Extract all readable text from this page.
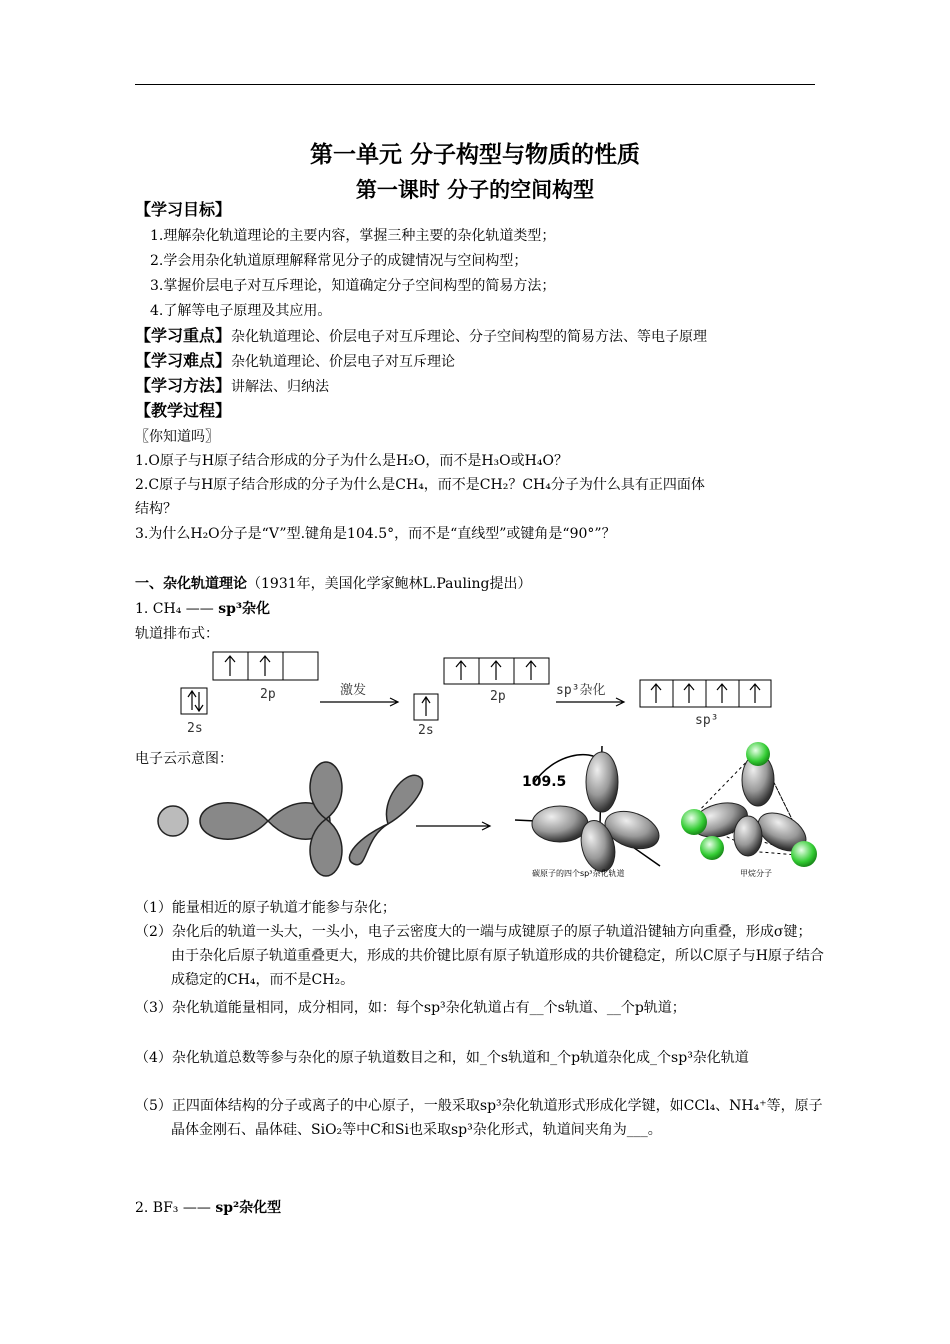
第一单元 分子构型与物质的性质
第一课时 分子的空间构型
【学习目标】
1.理解杂化轨道理论的主要内容，掌握三种主要的杂化轨道类型；
2.学会用杂化轨道原理解释常见分子的成键情况与空间构型；
3.掌握价层电子对互斥理论，知道确定分子空间构型的简易方法；
4.了解等电子原理及其应用。
【学习重点】杂化轨道理论、价层电子对互斥理论、分子空间构型的简易方法、等电子原理
【学习难点】杂化轨道理论、价层电子对互斥理论
【学习方法】讲解法、归纳法
【教学过程】
〖你知道吗〗
1.O原子与H原子结合形成的分子为什么是H₂O，而不是H₃O或H₄O？
2.C原子与H原子结合形成的分子为什么是CH₄，而不是CH₂？CH₄分子为什么具有正四面体
结构？
3.为什么H₂O分子是“V”型.键角是104.5°，而不是“直线型”或键角是“90°”？
一、杂化轨道理论（1931年，美国化学家鲍林L.Pauling提出）
1. CH₄ —— sp³杂化
轨道排布式：
2p
2s	2s
2p
sp³
激发	sp³杂化
电子云示意图：
109.5
碳原子的四个sp³杂化轨道	甲烷分子
（1）能量相近的原子轨道才能参与杂化；
（2）杂化后的轨道一头大，一头小，电子云密度大的一端与成键原子的原子轨道沿键轴方向重叠，形成σ键；由于杂化后原子轨道重叠更大，形成的共价键比原有原子轨道形成的共价键稳定，所以C原子与H原子结合成稳定的CH₄，而不是CH₂。
（3）杂化轨道能量相同，成分相同，如：每个sp³杂化轨道占有__个s轨道、__个p轨道；
（4）杂化轨道总数等参与杂化的原子轨道数目之和，如_个s轨道和_个p轨道杂化成_个sp³杂化轨道
（5）正四面体结构的分子或离子的中心原子，一般采取sp³杂化轨道形式形成化学键，如CCl₄、NH₄⁺等，原子晶体金刚石、晶体硅、SiO₂等中C和Si也采取sp³杂化形式，轨道间夹角为___。
2. BF₃ —— sp²杂化型
